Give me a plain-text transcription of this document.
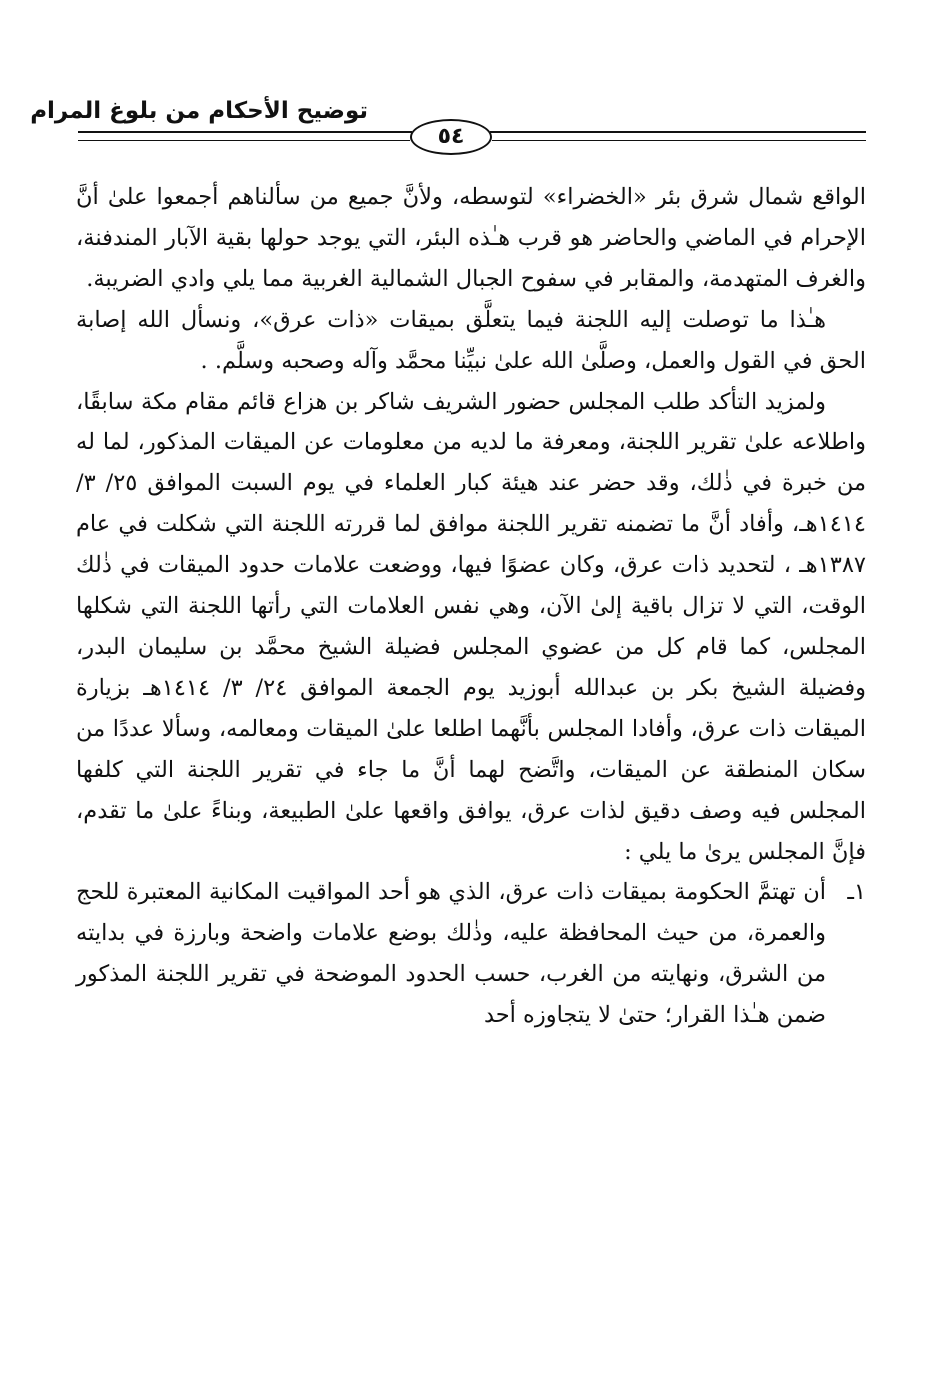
توضيح الأحكام من بلوغ المرام
٥٤

الواقع شمال شرق بئر «الخضراء» لتوسطه، ولأنَّ جميع من سألناهم أجمعوا علىٰ أنَّ الإحرام في الماضي والحاضر هو قرب هـٰذه البئر، التي يوجد حولها بقية الآبار المندفنة، والغرف المتهدمة، والمقابر في سفوح الجبال الشمالية الغربية مما يلي وادي الضريبة.

هـٰذا ما توصلت إليه اللجنة فيما يتعلَّق بميقات «ذات عرق»، ونسأل الله إصابة الحق في القول والعمل، وصلَّىٰ الله علىٰ نبيِّنا محمَّد وآله وصحبه وسلَّم. .

ولمزيد التأكد طلب المجلس حضور الشريف شاكر بن هزاع قائم مقام مكة سابقًا، واطلاعه علىٰ تقرير اللجنة، ومعرفة ما لديه من معلومات عن الميقات المذكور، لما له من خبرة في ذٰلك، وقد حضر عند هيئة كبار العلماء في يوم السبت الموافق ٢٥/ ٣/ ١٤١٤هـ، وأفاد أنَّ ما تضمنه تقرير اللجنة موافق لما قررته اللجنة التي شكلت في عام ١٣٨٧هـ ، لتحديد ذات عرق، وكان عضوًا فيها، ووضعت علامات حدود الميقات في ذٰلك الوقت، التي لا تزال باقية إلىٰ الآن، وهي نفس العلامات التي رأتها اللجنة التي شكلها المجلس، كما قام كل من عضوي المجلس فضيلة الشيخ محمَّد بن سليمان البدر، وفضيلة الشيخ بكر بن عبدالله أبوزيد يوم الجمعة الموافق ٢٤/ ٣/ ١٤١٤هـ بزيارة الميقات ذات عرق، وأفادا المجلس بأنَّهما اطلعا علىٰ الميقات ومعالمه، وسألا عددًا من سكان المنطقة عن الميقات، واتَّضح لهما أنَّ ما جاء في تقرير اللجنة التي كلفها المجلس فيه وصف دقيق لذات عرق، يوافق واقعها علىٰ الطبيعة، وبناءً علىٰ ما تقدم، فإنَّ المجلس يرىٰ ما يلي :

١ـ

أن تهتمَّ الحكومة بميقات ذات عرق، الذي هو أحد المواقيت المكانية المعتبرة للحج والعمرة، من حيث المحافظة عليه، وذٰلك بوضع علامات واضحة وبارزة في بدايته من الشرق، ونهايته من الغرب، حسب الحدود الموضحة في تقرير اللجنة المذكور ضمن هـٰذا القرار؛ حتىٰ لا يتجاوزه أحد
